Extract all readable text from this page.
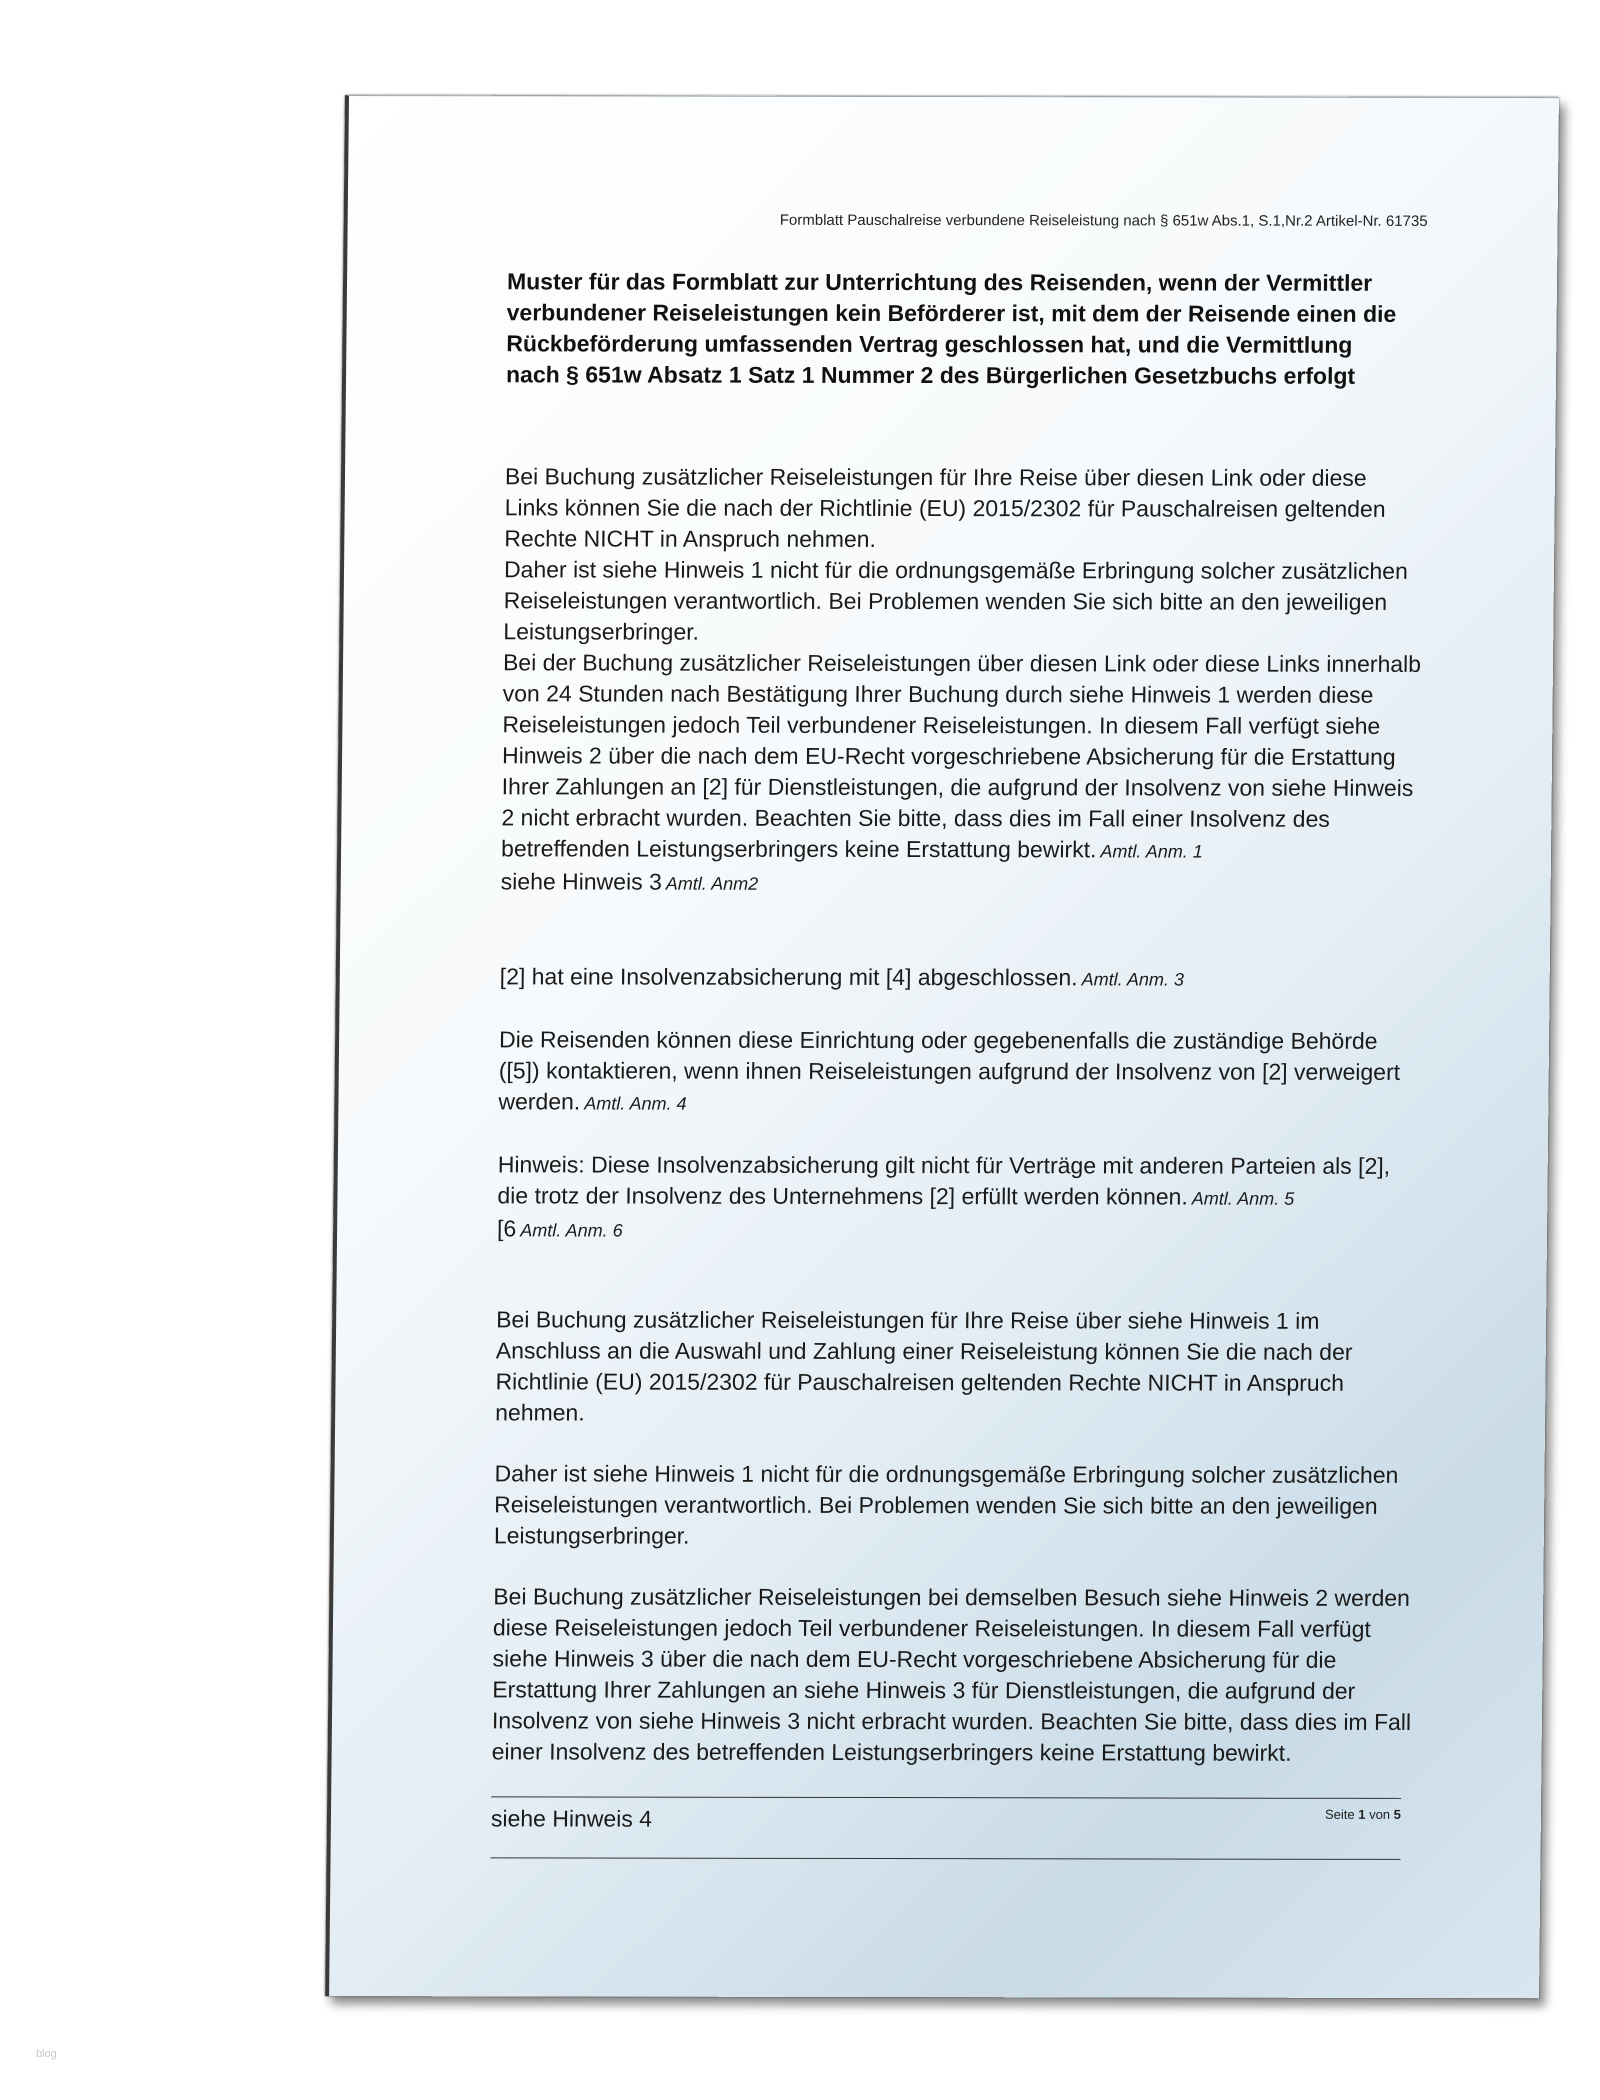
Formblatt Pauschalreise verbundene Reiseleistung nach § 651w Abs.1, S.1,Nr.2 Artikel-Nr. 61735
Muster für das Formblatt zur Unterrichtung des Reisenden, wenn der Vermittler verbundener Reiseleistungen kein Beförderer ist, mit dem der Reisende einen die Rückbeförderung umfassenden Vertrag geschlossen hat, und die Vermittlung nach § 651w Absatz 1 Satz 1 Nummer 2 des Bürgerlichen Gesetzbuchs erfolgt

Bei Buchung zusätzlicher Reiseleistungen für Ihre Reise über diesen Link oder diese Links können Sie die nach der Richtlinie (EU) 2015/2302 für Pauschalreisen geltenden Rechte NICHT in Anspruch nehmen.

Daher ist siehe Hinweis 1 nicht für die ordnungsgemäße Erbringung solcher zusätzlichen Reiseleistungen verantwortlich. Bei Problemen wenden Sie sich bitte an den jeweiligen Leistungserbringer.

Bei der Buchung zusätzlicher Reiseleistungen über diesen Link oder diese Links innerhalb von 24 Stunden nach Bestätigung Ihrer Buchung durch siehe Hinweis 1 werden diese Reiseleistungen jedoch Teil verbundener Reiseleistungen. In diesem Fall verfügt siehe Hinweis 2 über die nach dem EU-Recht vorgeschriebene Absicherung für die Erstattung Ihrer Zahlungen an [2] für Dienstleistungen, die aufgrund der Insolvenz von siehe Hinweis 2 nicht erbracht wurden. Beachten Sie bitte, dass dies im Fall einer Insolvenz des betreffenden Leistungserbringers keine Erstattung bewirkt. Amtl. Anm. 1

siehe Hinweis 3 Amtl. Anm2

[2] hat eine Insolvenzabsicherung mit [4] abgeschlossen. Amtl. Anm. 3

Die Reisenden können diese Einrichtung oder gegebenenfalls die zuständige Behörde ([5]) kontaktieren, wenn ihnen Reiseleistungen aufgrund der Insolvenz von [2] verweigert werden. Amtl. Anm. 4

Hinweis: Diese Insolvenzabsicherung gilt nicht für Verträge mit anderen Parteien als [2], die trotz der Insolvenz des Unternehmens [2] erfüllt werden können. Amtl. Anm. 5

[6 Amtl. Anm. 6

Bei Buchung zusätzlicher Reiseleistungen für Ihre Reise über siehe Hinweis 1 im Anschluss an die Auswahl und Zahlung einer Reiseleistung können Sie die nach der Richtlinie (EU) 2015/2302 für Pauschalreisen geltenden Rechte NICHT in Anspruch nehmen.

Daher ist siehe Hinweis 1 nicht für die ordnungsgemäße Erbringung solcher zusätzlichen Reiseleistungen verantwortlich. Bei Problemen wenden Sie sich bitte an den jeweiligen Leistungserbringer.

Bei Buchung zusätzlicher Reiseleistungen bei demselben Besuch siehe Hinweis 2 werden diese Reiseleistungen jedoch Teil verbundener Reiseleistungen. In diesem Fall verfügt siehe Hinweis 3 über die nach dem EU-Recht vorgeschriebene Absicherung für die Erstattung Ihrer Zahlungen an siehe Hinweis 3 für Dienstleistungen, die aufgrund der Insolvenz von siehe Hinweis 3 nicht erbracht wurden. Beachten Sie bitte, dass dies im Fall einer Insolvenz des betreffenden Leistungserbringers keine Erstattung bewirkt.

siehe Hinweis 4	Seite 1 von 5
blog
